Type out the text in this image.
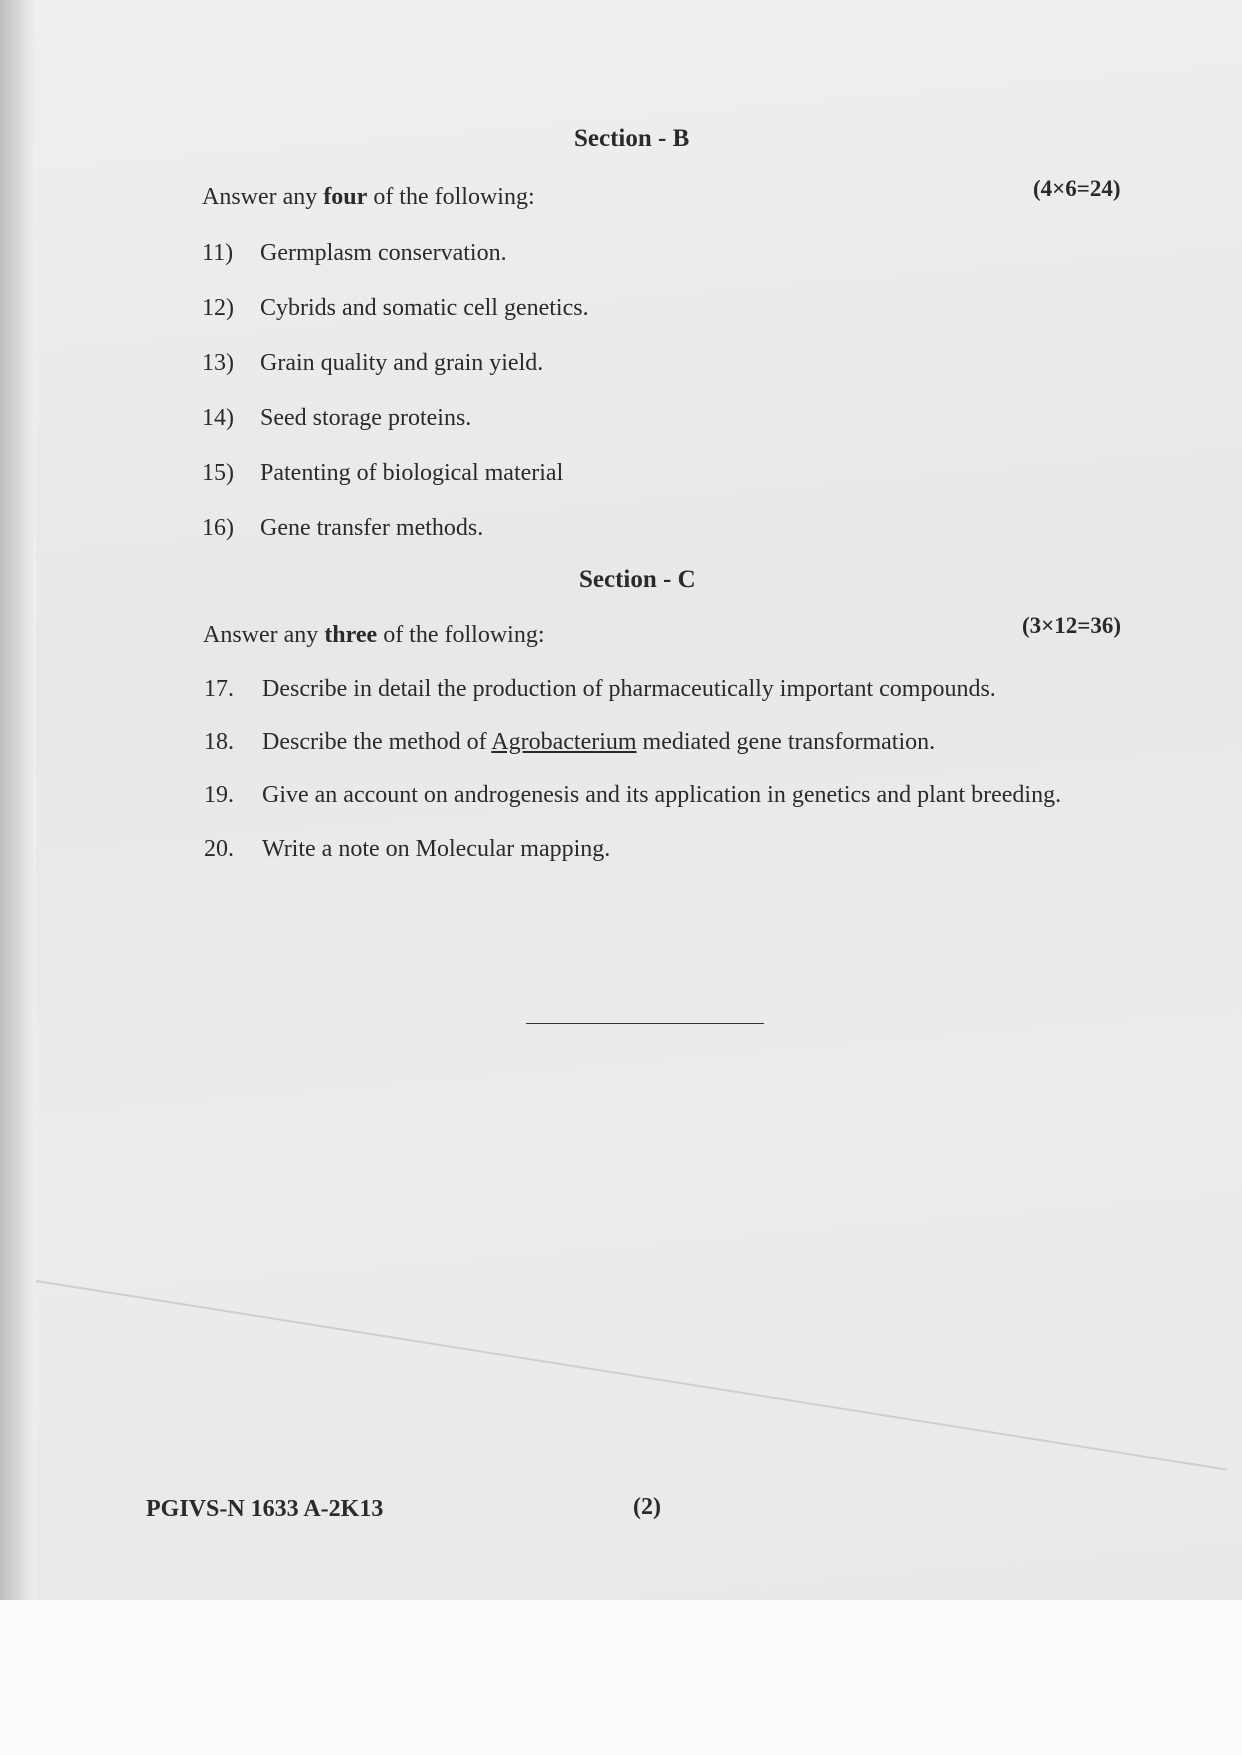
Section - B
Answer any four of the following:	(4×6=24)
11) Germplasm conservation.
12) Cybrids and somatic cell genetics.
13) Grain quality and grain yield.
14) Seed storage proteins.
15) Patenting of biological material
16) Gene transfer methods.
Section - C
Answer any three of the following:	(3×12=36)
17. Describe in detail the production of pharmaceutically important compounds.
18. Describe the method of Agrobacterium mediated gene transformation.
19. Give an account on androgenesis and its application in genetics and plant breeding.
20. Write a note on Molecular mapping.
PGIVS-N 1633 A-2K13	(2)
